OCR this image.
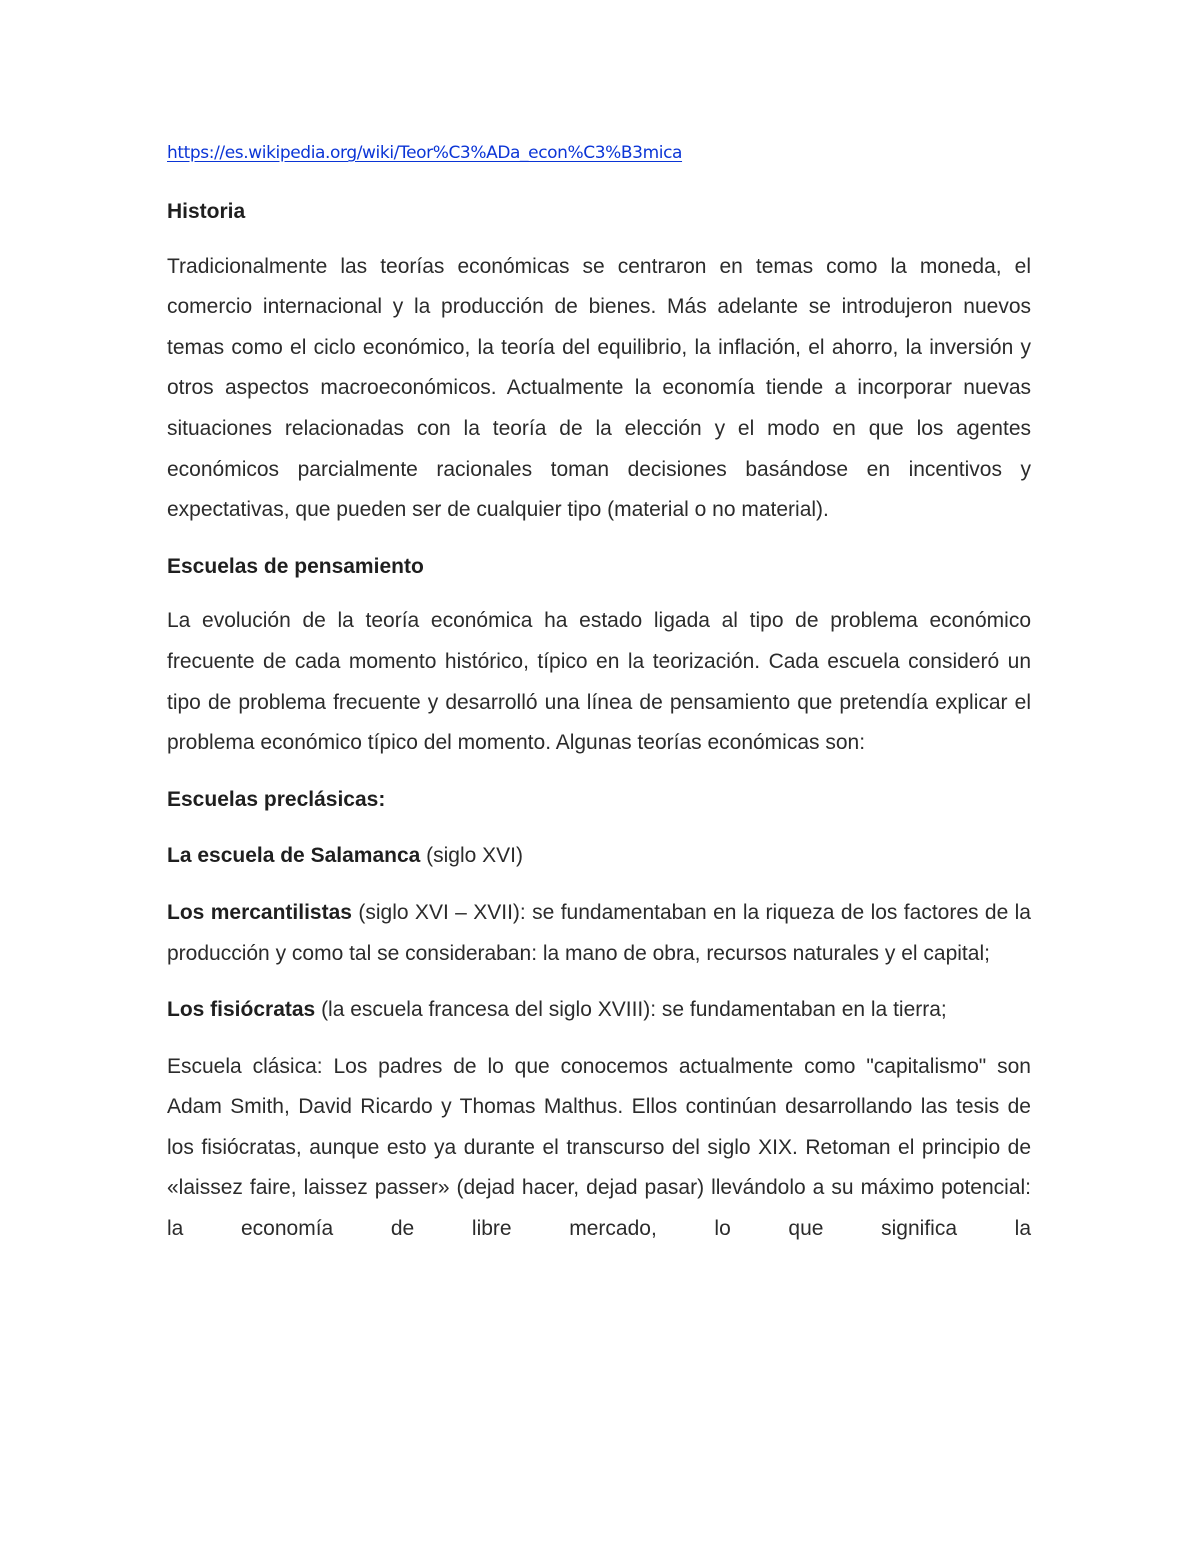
https://es.wikipedia.org/wiki/Teor%C3%ADa_econ%C3%B3mica

Historia

Tradicionalmente las teorías económicas se centraron en temas como la moneda, el comercio internacional y la producción de bienes. Más adelante se introdujeron nuevos temas como el ciclo económico, la teoría del equilibrio, la inflación, el ahorro, la inversión y otros aspectos macroeconómicos. Actualmente la economía tiende a incorporar nuevas situaciones relacionadas con la teoría de la elección y el modo en que los agentes económicos parcialmente racionales toman decisiones basándose en incentivos y expectativas, que pueden ser de cualquier tipo (material o no material).

Escuelas de pensamiento

La evolución de la teoría económica ha estado ligada al tipo de problema económico frecuente de cada momento histórico, típico en la teorización. Cada escuela consideró un tipo de problema frecuente y desarrolló una línea de pensamiento que pretendía explicar el problema económico típico del momento. Algunas teorías económicas son:

Escuelas preclásicas:

La escuela de Salamanca (siglo XVI)

Los mercantilistas (siglo XVI – XVII): se fundamentaban en la riqueza de los factores de la producción y como tal se consideraban: la mano de obra, recursos naturales y el capital;

Los fisiócratas (la escuela francesa del siglo XVIII): se fundamentaban en la tierra;

Escuela clásica: Los padres de lo que conocemos actualmente como "capitalismo" son Adam Smith, David Ricardo y Thomas Malthus. Ellos continúan desarrollando las tesis de los fisiócratas, aunque esto ya durante el transcurso del siglo XIX. Retoman el principio de «laissez faire, laissez passer» (dejad hacer, dejad pasar) llevándolo a su máximo potencial: la economía de libre mercado, lo que significa la
